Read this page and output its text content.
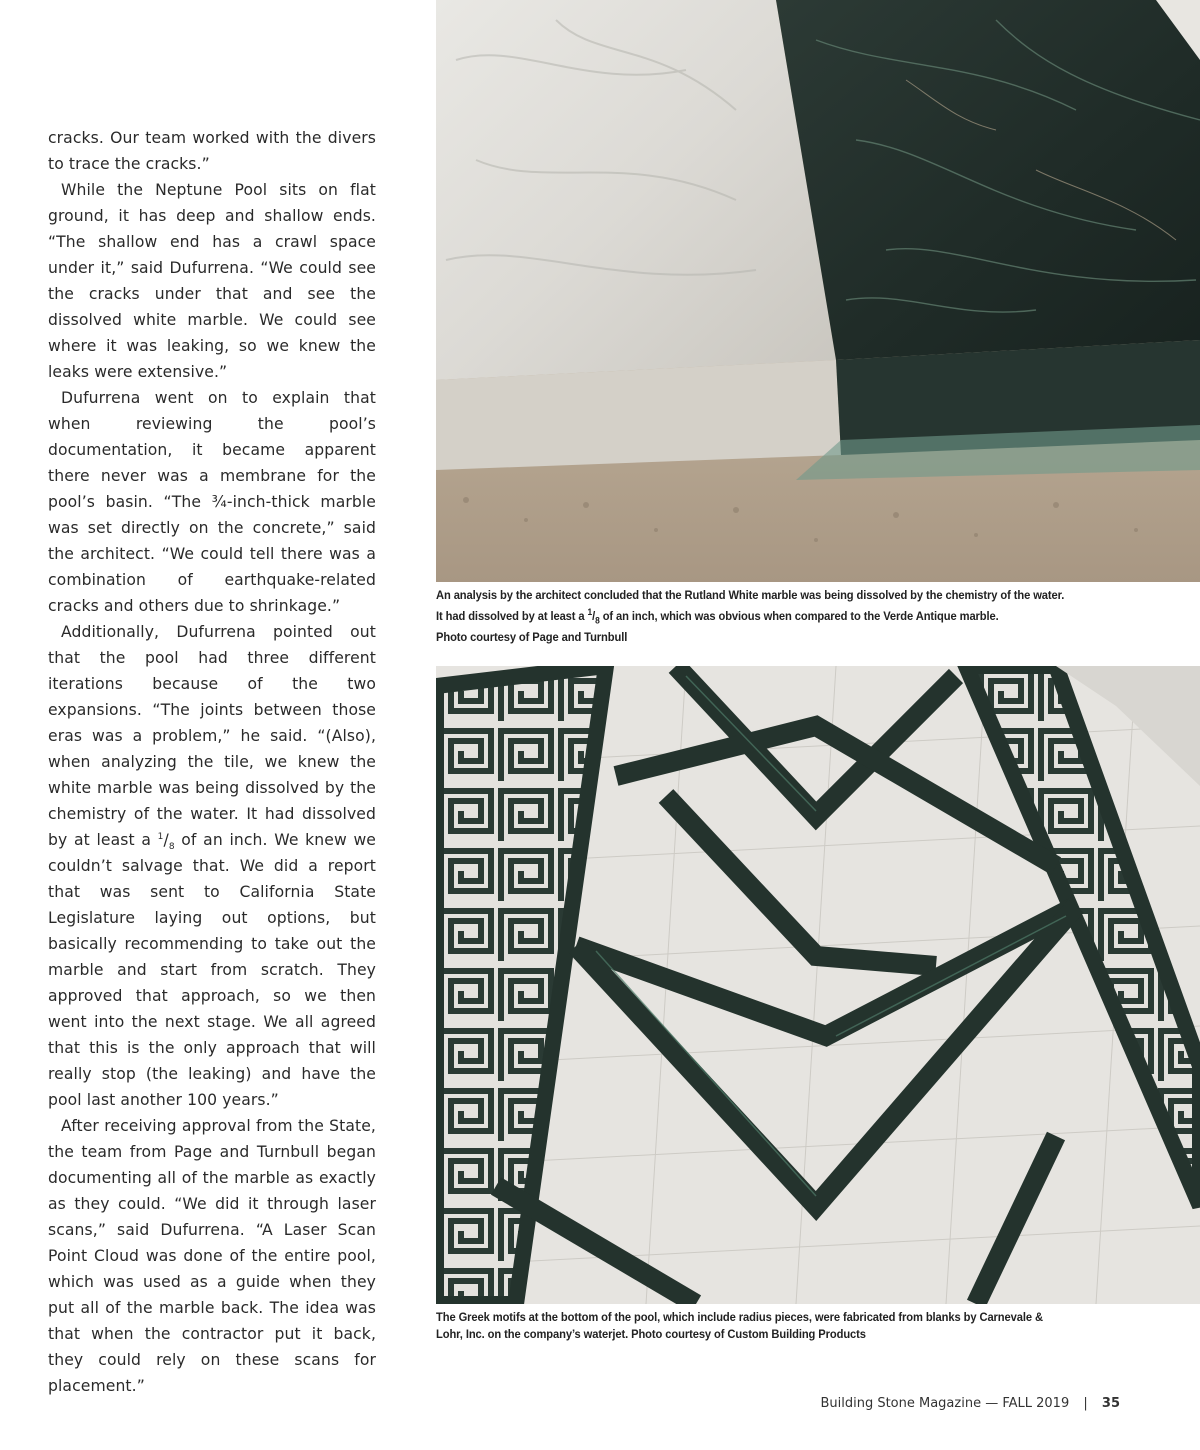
cracks. Our team worked with the divers to trace the cracks.”

While the Neptune Pool sits on flat ground, it has deep and shallow ends. “The shallow end has a crawl space under it,” said Dufurrena. “We could see the cracks under that and see the dissolved white marble. We could see where it was leaking, so we knew the leaks were extensive.”

Dufurrena went on to explain that when reviewing the pool’s documentation, it became apparent there never was a membrane for the pool’s basin. “The ¾-inch-thick marble was set directly on the concrete,” said the architect. “We could tell there was a combination of earthquake-related cracks and others due to shrinkage.”

Additionally, Dufurrena pointed out that the pool had three different iterations because of the two expansions. “The joints between those eras was a problem,” he said. “(Also), when analyzing the tile, we knew the white marble was being dissolved by the chemistry of the water. It had dissolved by at least a $^1/_8$ of an inch. We knew we couldn’t salvage that. We did a report that was sent to California State Legislature laying out options, but basically recommending to take out the marble and start from scratch. They approved that approach, so we then went into the next stage. We all agreed that this is the only approach that will really stop (the leaking) and have the pool last another 100 years.”

After receiving approval from the State, the team from Page and Turnbull began documenting all of the marble as exactly as they could. “We did it through laser scans,” said Dufurrena. “A Laser Scan Point Cloud was done of the entire pool, which was used as a guide when they put all of the marble back. The idea was that when the contractor put it back, they could rely on these scans for placement.”

An analysis by the architect concluded that the Rutland White marble was being dissolved by the chemistry of the water.
It had dissolved by at least a $^1/_8$ of an inch, which was obvious when compared to the Verde Antique marble.
Photo courtesy of Page and Turnbull
The Greek motifs at the bottom of the pool, which include radius pieces, were fabricated from blanks by Carnevale &
Lohr, Inc. on the company’s waterjet. Photo courtesy of Custom Building Products
Building Stone Magazine — FALL 2019 | 35
